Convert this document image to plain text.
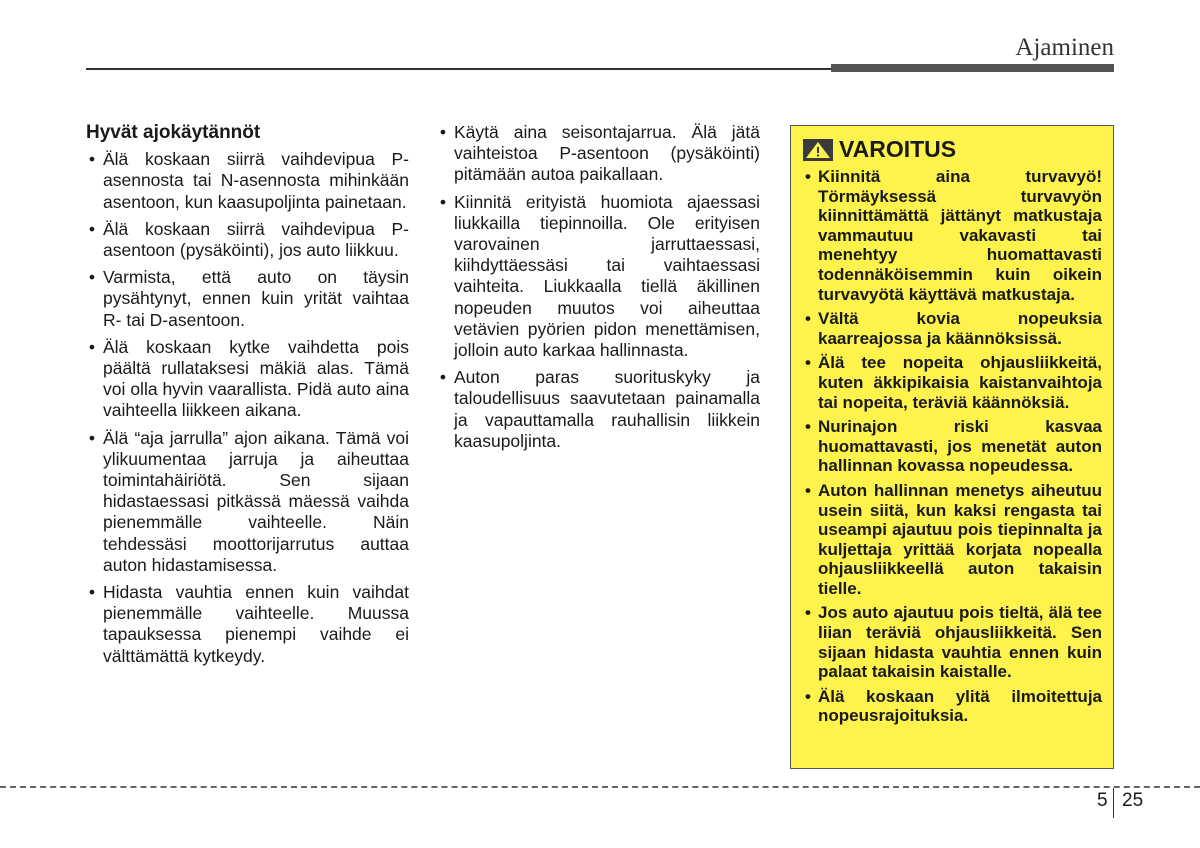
Ajaminen
Hyvät ajokäytännöt
• Älä koskaan siirrä vaihdevipua P-asennosta tai N-asennosta mihinkään asentoon, kun kaasupoljinta painetaan.
• Älä koskaan siirrä vaihdevipua P-asentoon (pysäköinti), jos auto liikkuu.
• Varmista, että auto on täysin pysähtynyt, ennen kuin yrität vaihtaa R- tai D-asentoon.
• Älä koskaan kytke vaihdetta pois päältä rullataksesi mäkiä alas. Tämä voi olla hyvin vaarallista. Pidä auto aina vaihteella liikkeen aikana.
• Älä “aja jarrulla” ajon aikana. Tämä voi ylikuumentaa jarruja ja aiheuttaa toimintahäiriötä. Sen sijaan hidastaessasi pitkässä mäessä vaihda pienemmälle vaihteelle. Näin tehdessäsi moottorijarrutus auttaa auton hidastamisessa.
• Hidasta vauhtia ennen kuin vaihdat pienemmälle vaihteelle. Muussa tapauksessa pienempi vaihde ei välttämättä kytkeydy.
• Käytä aina seisontajarrua. Älä jätä vaihteistoa P-asentoon (pysäköinti) pitämään autoa paikallaan.
• Kiinnitä erityistä huomiota ajaessasi liukkailla tiepinnoilla. Ole erityisen varovainen jarruttaessasi, kiihdyttäessäsi tai vaihtaessasi vaihteita. Liukkaalla tiellä äkillinen nopeuden muutos voi aiheuttaa vetävien pyörien pidon menettämisen, jolloin auto karkaa hallinnasta.
• Auton paras suorituskyky ja taloudellisuus saavutetaan painamalla ja vapauttamalla rauhallisin liikkein kaasupoljinta.
VAROITUS
• Kiinnitä aina turvavyö! Törmäyksessä turvavyön kiinnittämättä jättänyt matkustaja vammautuu vakavasti tai menehtyy huomattavasti todennäköisemmin kuin oikein turvavyötä käyttävä matkustaja.
• Vältä kovia nopeuksia kaarreajossa ja käännöksissä.
• Älä tee nopeita ohjausliikkeitä, kuten äkkipikaisia kaistanvaihtoja tai nopeita, teräviä käännöksiä.
• Nurinajon riski kasvaa huomattavasti, jos menetät auton hallinnan kovassa nopeudessa.
• Auton hallinnan menetys aiheutuu usein siitä, kun kaksi rengasta tai useampi ajautuu pois tiepinnalta ja kuljettaja yrittää korjata nopealla ohjausliikkeellä auton takaisin tielle.
• Jos auto ajautuu pois tieltä, älä tee liian teräviä ohjausliikkeitä. Sen sijaan hidasta vauhtia ennen kuin palaat takaisin kaistalle.
• Älä koskaan ylitä ilmoitettuja nopeusrajoituksia.
5 25
